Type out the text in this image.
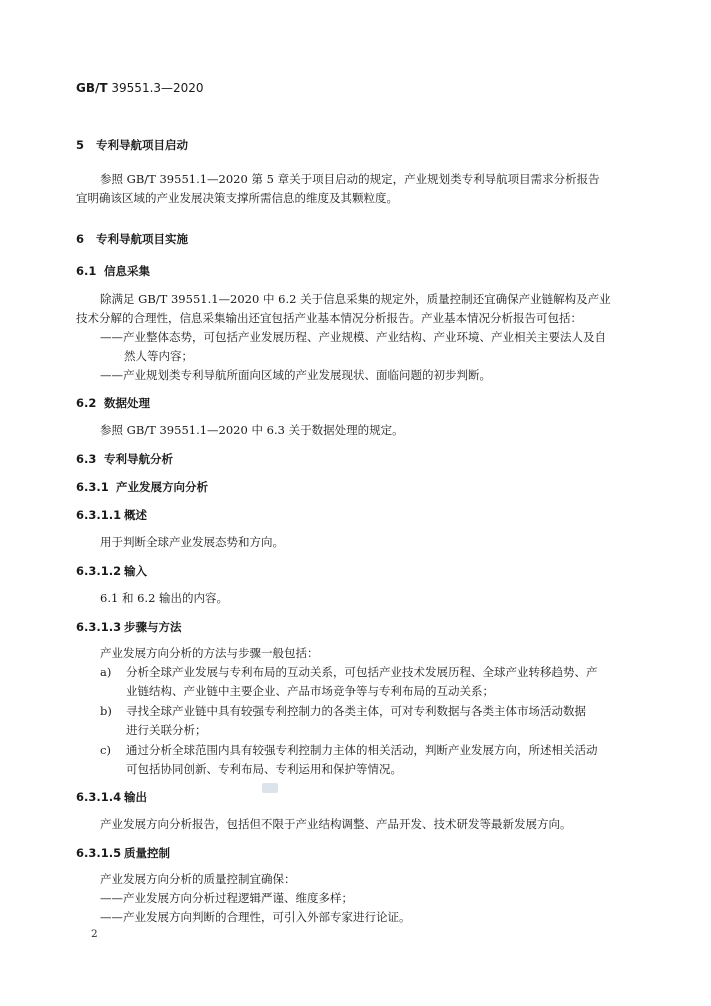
GB/T 39551.3—2020
5 专利导航项目启动
6 专利导航项目实施
6.1 信息采集
6.2 数据处理
6.3 专利导航分析
6.3.1 产业发展方向分析
6.3.1.1 概述
6.3.1.2 输入
6.3.1.3 步骤与方法
6.3.1.4 输出
6.3.1.5 质量控制
参照 GB/T 39551.1—2020 第 5 章关于项目启动的规定，产业规划类专利导航项目需求分析报告
宜明确该区域的产业发展决策支撑所需信息的维度及其颗粒度。
除满足 GB/T 39551.1—2020 中 6.2 关于信息采集的规定外，质量控制还宜确保产业链解构及产业
技术分解的合理性，信息采集输出还宜包括产业基本情况分析报告。产业基本情况分析报告可包括：
——产业整体态势，可包括产业发展历程、产业规模、产业结构、产业环境、产业相关主要法人及自
然人等内容；
——产业规划类专利导航所面向区域的产业发展现状、面临问题的初步判断。
参照 GB/T 39551.1—2020 中 6.3 关于数据处理的规定。
用于判断全球产业发展态势和方向。
6.1 和 6.2 输出的内容。
产业发展方向分析的方法与步骤一般包括：
a) 分析全球产业发展与专利布局的互动关系，可包括产业技术发展历程、全球产业转移趋势、产
业链结构、产业链中主要企业、产品市场竞争等与专利布局的互动关系；
b) 寻找全球产业链中具有较强专利控制力的各类主体，可对专利数据与各类主体市场活动数据
进行关联分析；
c) 通过分析全球范围内具有较强专利控制力主体的相关活动，判断产业发展方向，所述相关活动
可包括协同创新、专利布局、专利运用和保护等情况。
产业发展方向分析报告，包括但不限于产业结构调整、产品开发、技术研发等最新发展方向。
产业发展方向分析的质量控制宜确保：
——产业发展方向分析过程逻辑严谨、维度多样；
——产业发展方向判断的合理性，可引入外部专家进行论证。
2
